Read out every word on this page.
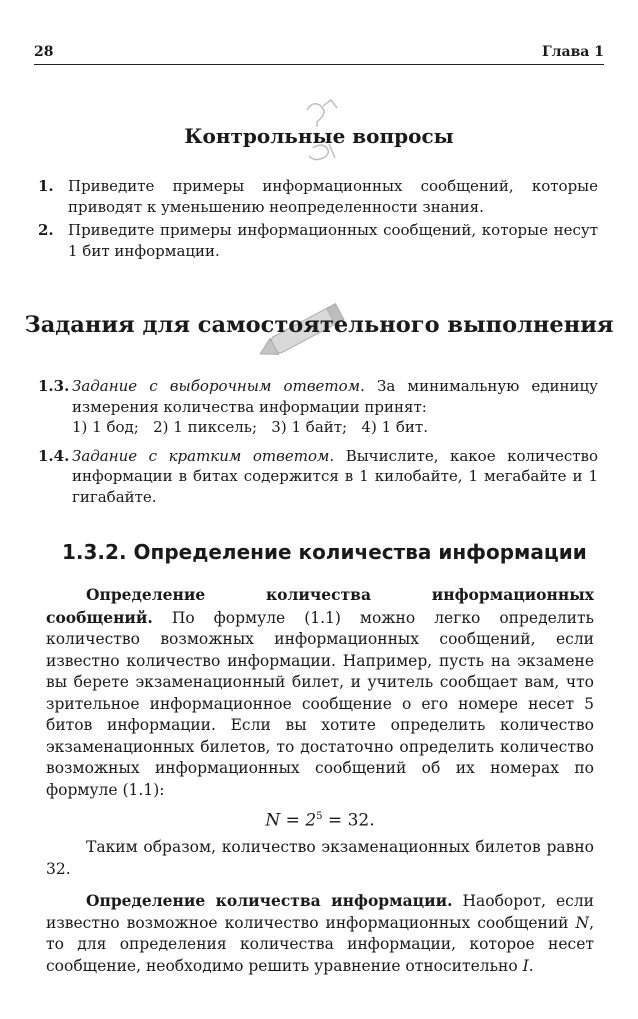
28	Глава 1
Контрольные вопросы
1. Приведите примеры информационных сообщений, которые приводят к уменьшению неопределенности знания.
2. Приведите примеры информационных сообщений, которые несут 1 бит информации.
Задания для самостоятельного выполнения
1.3. Задание с выборочным ответом. За минимальную единицу измерения количества информации принят:
1) 1 бод;   2) 1 пиксель;   3) 1 байт;   4) 1 бит.
1.4. Задание с кратким ответом. Вычислите, какое количество информации в битах содержится в 1 килобайте, 1 мегабайте и 1 гигабайте.
1.3.2. Определение количества информации
Определение количества информационных сообщений. По формуле (1.1) можно легко определить количество возможных информационных сообщений, если известно количество информации. Например, пусть на экзамене вы берете экзаменационный билет, и учитель сообщает вам, что зрительное информационное сообщение о его номере несет 5 битов информации. Если вы хотите определить количество экзаменационных билетов, то достаточно определить количество возможных информационных сообщений об их номерах по формуле (1.1):
$N = 2^5 = 32$.
Таким образом, количество экзаменационных билетов равно 32.
Определение количества информации. Наоборот, если известно возможное количество информационных сообщений N, то для определения количества информации, которое несет сообщение, необходимо решить уравнение относительно I.
